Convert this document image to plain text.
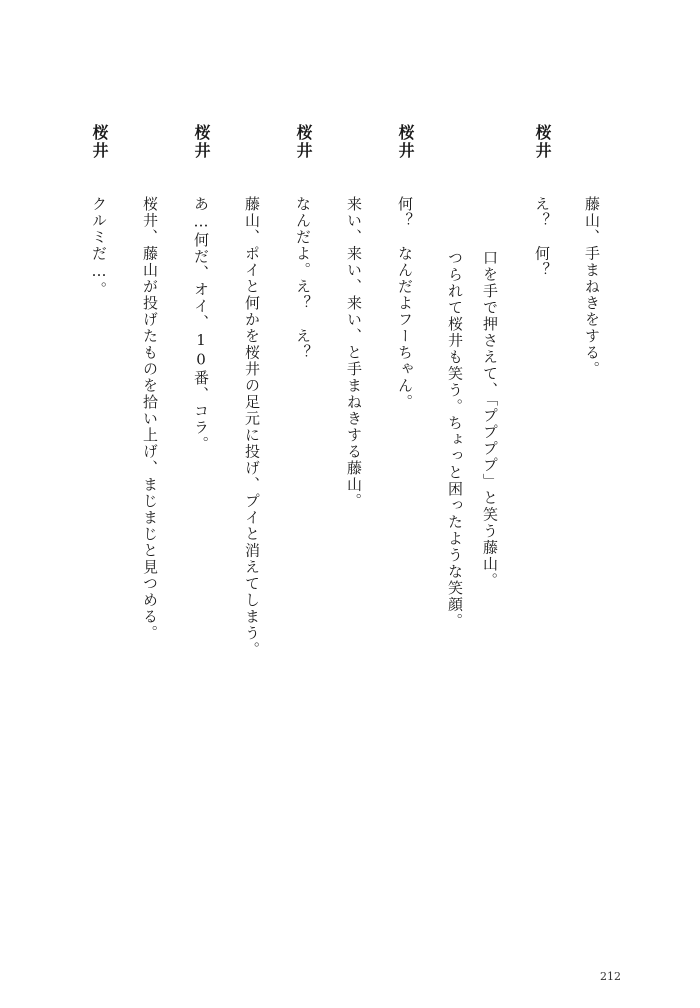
藤山、手まねきをする。
桜井
え？　何？
口を手で押さえて、「ププププ」と笑う藤山。
つられて桜井も笑う。ちょっと困ったような笑顔。
桜井
何？　なんだよフーちゃん。
来い、来い、来い、と手まねきする藤山。
桜井
なんだよ。え？　え？
藤山、ポイと何かを桜井の足元に投げ、プイと消えてしまう。
桜井
あ…何だ、オイ、10番、コラ。
桜井、藤山が投げたものを拾い上げ、まじまじと見つめる。
桜井
クルミだ…。
212
